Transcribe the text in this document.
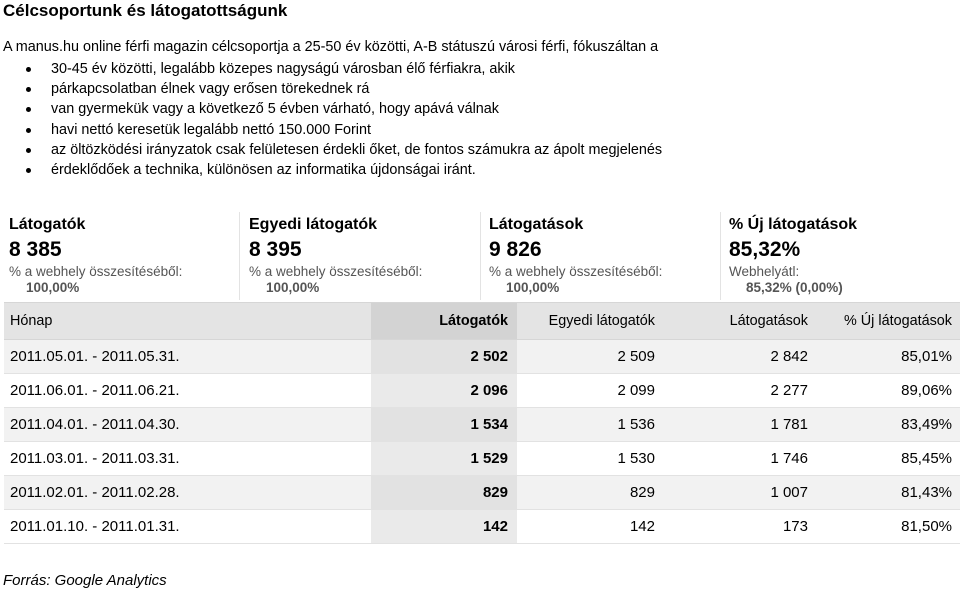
Célcsoportunk és látogatottságunk
A manus.hu online férfi magazin célcsoportja a 25-50 év közötti, A-B státuszú városi férfi, fókuszáltan a
30-45 év közötti, legalább közepes nagyságú városban élő férfiakra, akik
párkapcsolatban élnek vagy erősen törekednek rá
van gyermekük vagy a következő 5 évben várható, hogy apává válnak
havi nettó keresetük legalább nettó 150.000 Forint
az öltözködési irányzatok csak felületesen érdekli őket, de fontos számukra az ápolt megjelenés
érdeklődőek a technika, különösen az informatika újdonságai iránt.
Látogatók
8 385
% a webhely összesítéséből:
100,00%
Egyedi látogatók
8 395
% a webhely összesítéséből:
100,00%
Látogatások
9 826
% a webhely összesítéséből:
100,00%
% Új látogatások
85,32%
Webhelyátl:
85,32% (0,00%)
Hónap	Látogatók	Egyedi látogatók	Látogatások	% Új látogatások
2011.05.01. - 2011.05.31.	2 502	2 509	2 842	85,01%
2011.06.01. - 2011.06.21.	2 096	2 099	2 277	89,06%
2011.04.01. - 2011.04.30.	1 534	1 536	1 781	83,49%
2011.03.01. - 2011.03.31.	1 529	1 530	1 746	85,45%
2011.02.01. - 2011.02.28.	829	829	1 007	81,43%
2011.01.10. - 2011.01.31.	142	142	173	81,50%
Forrás: Google Analytics
